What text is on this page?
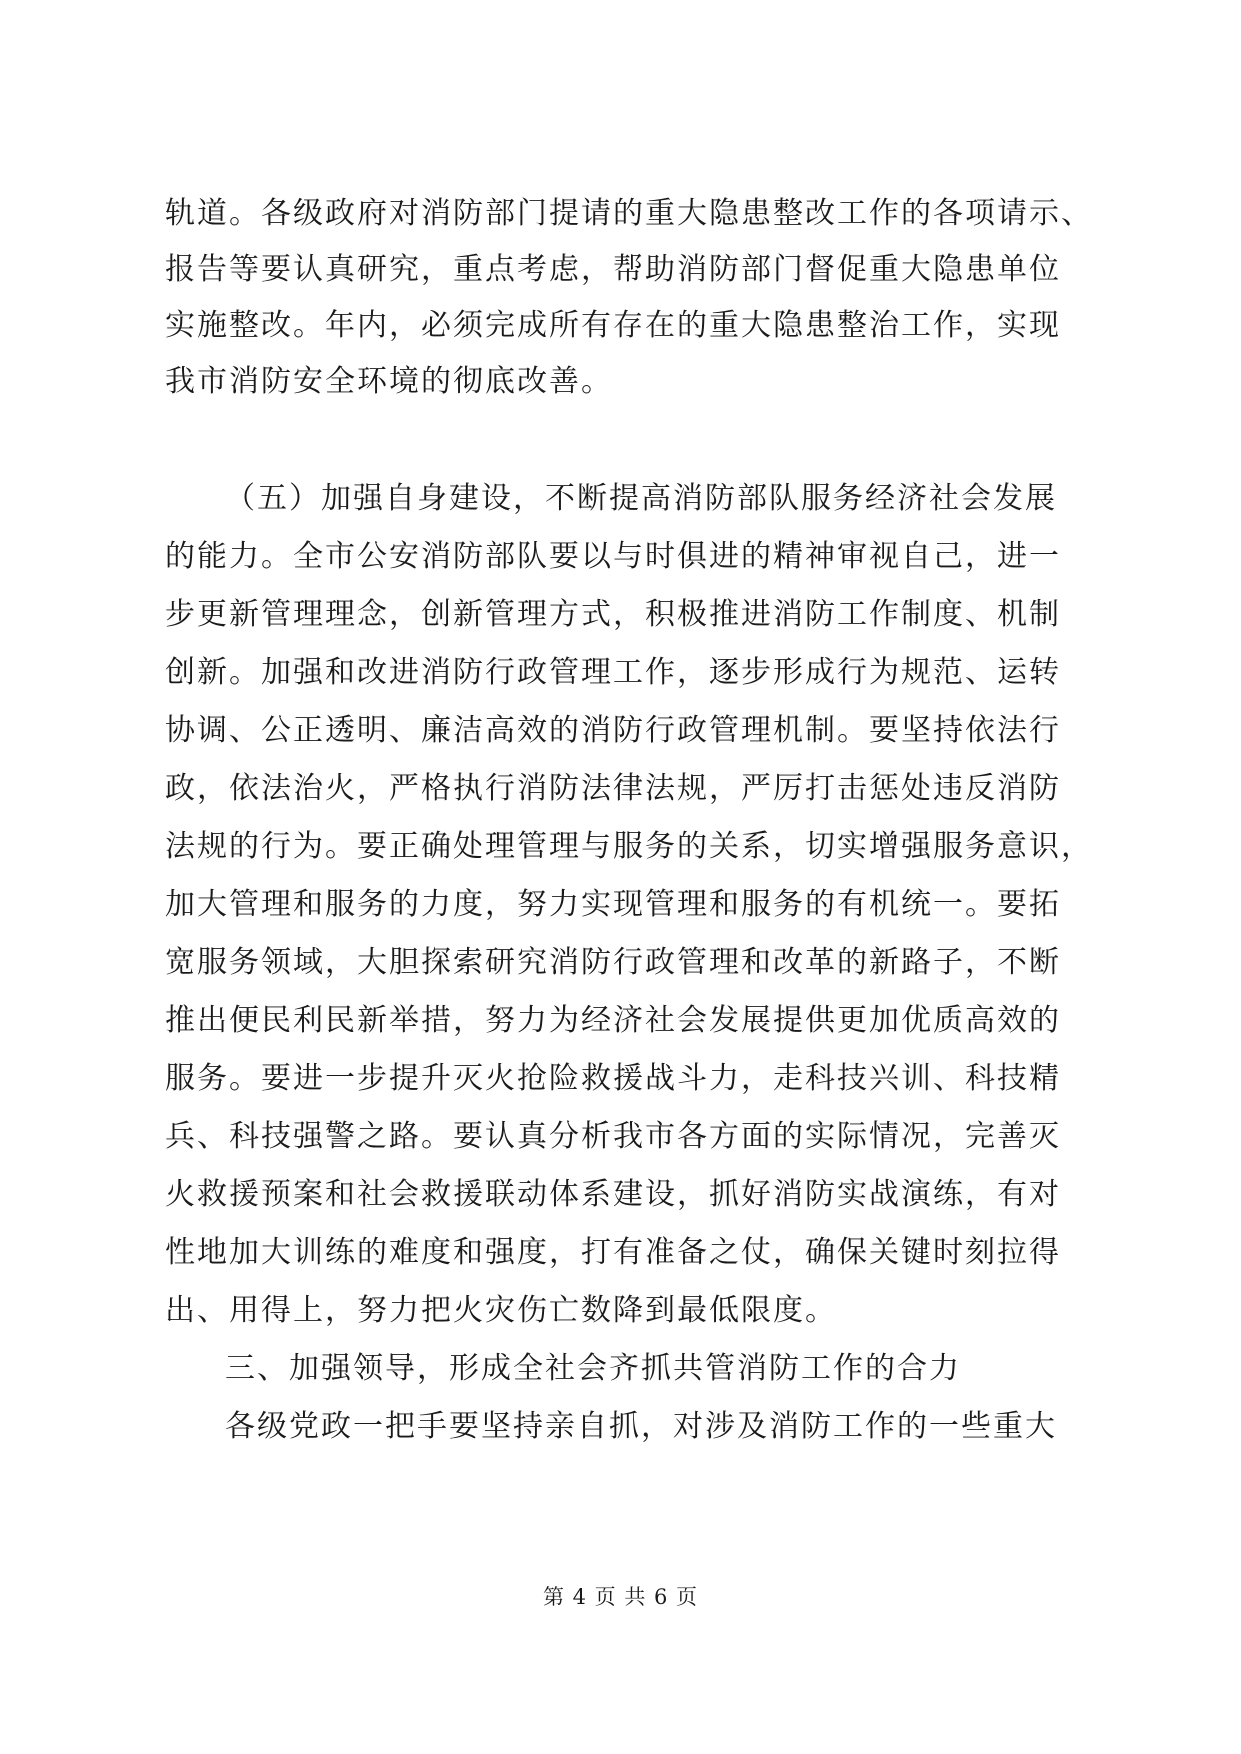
轨道。各级政府对消防部门提请的重大隐患整改工作的各项请示、
报告等要认真研究，重点考虑，帮助消防部门督促重大隐患单位
实施整改。年内，必须完成所有存在的重大隐患整治工作，实现
我市消防安全环境的彻底改善。
（五）加强自身建设，不断提高消防部队服务经济社会发展
的能力。全市公安消防部队要以与时俱进的精神审视自己，进一
步更新管理理念，创新管理方式，积极推进消防工作制度、机制
创新。加强和改进消防行政管理工作，逐步形成行为规范、运转
协调、公正透明、廉洁高效的消防行政管理机制。要坚持依法行
政，依法治火，严格执行消防法律法规，严厉打击惩处违反消防
法规的行为。要正确处理管理与服务的关系，切实增强服务意识，
加大管理和服务的力度，努力实现管理和服务的有机统一。要拓
宽服务领域，大胆探索研究消防行政管理和改革的新路子，不断
推出便民利民新举措，努力为经济社会发展提供更加优质高效的
服务。要进一步提升灭火抢险救援战斗力，走科技兴训、科技精
兵、科技强警之路。要认真分析我市各方面的实际情况，完善灭
火救援预案和社会救援联动体系建设，抓好消防实战演练，有对
性地加大训练的难度和强度，打有准备之仗，确保关键时刻拉得
出、用得上，努力把火灾伤亡数降到最低限度。
三、加强领导，形成全社会齐抓共管消防工作的合力
各级党政一把手要坚持亲自抓，对涉及消防工作的一些重大
第 4 页 共 6 页
